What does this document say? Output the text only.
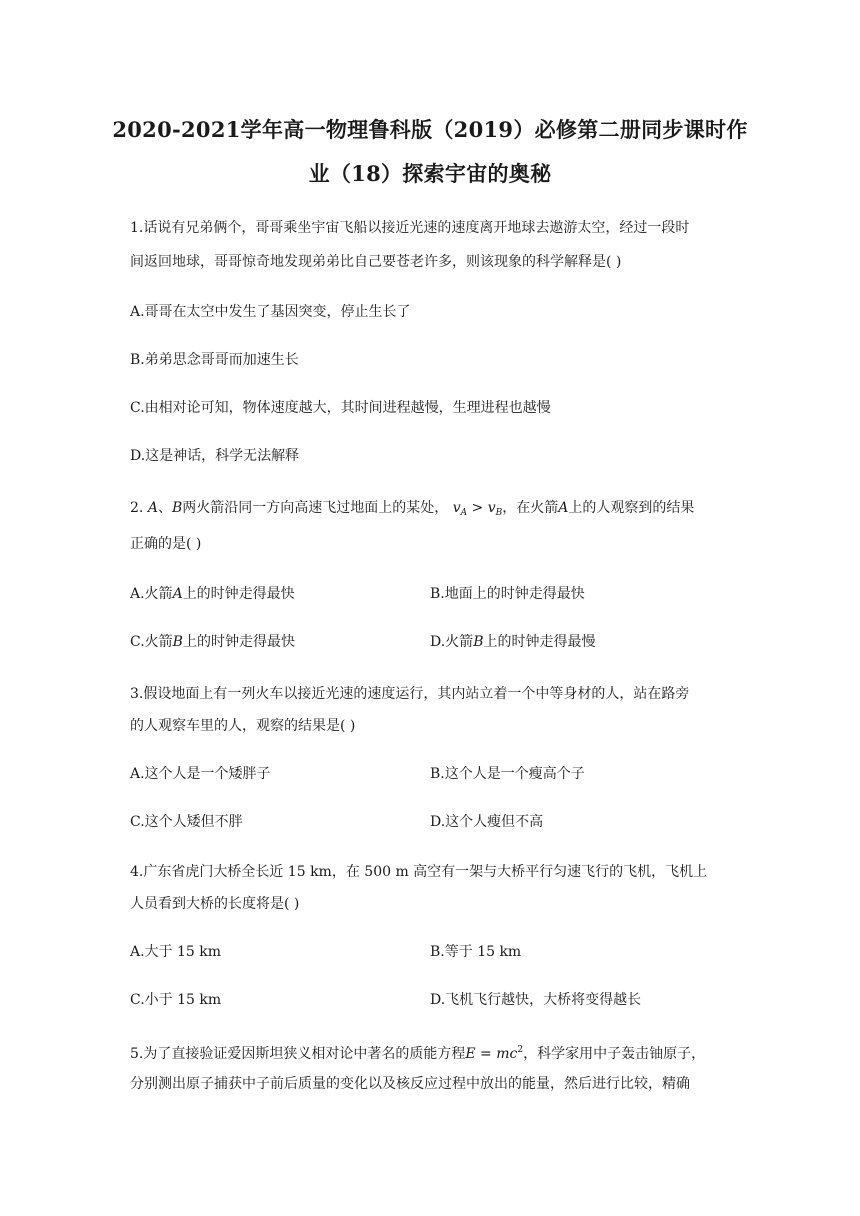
2020-2021学年高一物理鲁科版（2019）必修第二册同步课时作
业（18）探索宇宙的奥秘
1.话说有兄弟俩个，哥哥乘坐宇宙飞船以接近光速的速度离开地球去遨游太空，经过一段时
间返回地球，哥哥惊奇地发现弟弟比自己要苍老许多，则该现象的科学解释是( )
A.哥哥在太空中发生了基因突变，停止生长了
B.弟弟思念哥哥而加速生长
C.由相对论可知，物体速度越大，其时间进程越慢，生理进程也越慢
D.这是神话，科学无法解释
2. A、B两火箭沿同一方向高速飞过地面上的某处， $v_A > v_B$，在火箭A上的人观察到的结果
正确的是( )
A.火箭A上的时钟走得最快	B.地面上的时钟走得最快
C.火箭B上的时钟走得最快	D.火箭B上的时钟走得最慢
3.假设地面上有一列火车以接近光速的速度运行，其内站立着一个中等身材的人，站在路旁
的人观察车里的人，观察的结果是( )
A.这个人是一个矮胖子	B.这个人是一个瘦高个子
C.这个人矮但不胖	D.这个人瘦但不高
4.广东省虎门大桥全长近 15 km，在 500 m 高空有一架与大桥平行匀速飞行的飞机，飞机上
人员看到大桥的长度将是( )
A.大于 15 km	B.等于 15 km
C.小于 15 km	D.飞机飞行越快，大桥将变得越长
5.为了直接验证爱因斯坦狭义相对论中著名的质能方程$E = mc^2$，科学家用中子轰击铀原子，
分别测出原子捕获中子前后质量的变化以及核反应过程中放出的能量，然后进行比较，精确
